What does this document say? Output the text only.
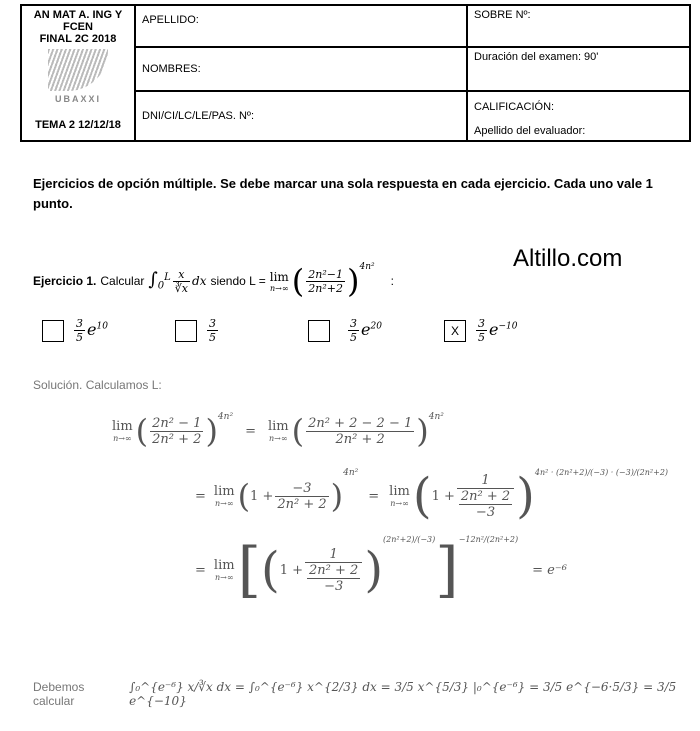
AN MAT A. ING Y FCEN
FINAL 2C 2018
UBAXXI
TEMA 2 12/12/18	APELLIDO:	SOBRE Nº:
	NOMBRES:	Duración del examen: 90'
	DNI/CI/LC/LE/PAS. Nº:	CALIFICACIÓN:
Apellido del evaluador:
Ejercicios de opción múltiple. Se debe marcar una sola respuesta en cada ejercicio. Cada uno vale 1 punto.
Altillo.com
Ejercicio 1. Calcular $\int_0^L \frac{x}{∛x}$ dx siendo L = lim
n→∞ ( $\frac{\text{2n²−1}}{\text{2n²+2}}$ ) 4n²
:
$\frac{3}{5} e^{10}$	$\frac{3}{5}$	$\frac{3}{5} e^{20}$	X	$\frac{3}{5} e^{-10}$
Solución. Calculamos L:
lim
n→∞ ( $\frac{\text{2n² − 1}}{\text{2n² + 2}}$ ) 4n²
= lim
n→∞ ( $\frac{\text{2n² + 2 − 2 − 1}}{\text{2n² + 2}}$ ) 4n²
= lim
n→∞ ( $1 + \frac{-3}{\text{2n² + 2}}$ )
4n²
= lim
n→∞ ( $1 + \frac{1}{\frac{\text{2n² + 2}}{-3}}$ ) 4n² · (2n²+2)/(−3) · (−3)/(2n²+2)
= lim
n→∞ [ ( $1 + \frac{1}{\frac{\text{2n² + 2}}{-3}}$ )
(2n²+2)/(−3) ] −12n²/(2n²+2)
= e⁻⁶
Debemos calcular
∫₀^{e⁻⁶} x/∛x dx = ∫₀^{e⁻⁶} x^{2/3} dx = 3/5 x^{5/3} |₀^{e⁻⁶} = 3/5 e^{−6·5/3} = 3/5 e^{−10}
